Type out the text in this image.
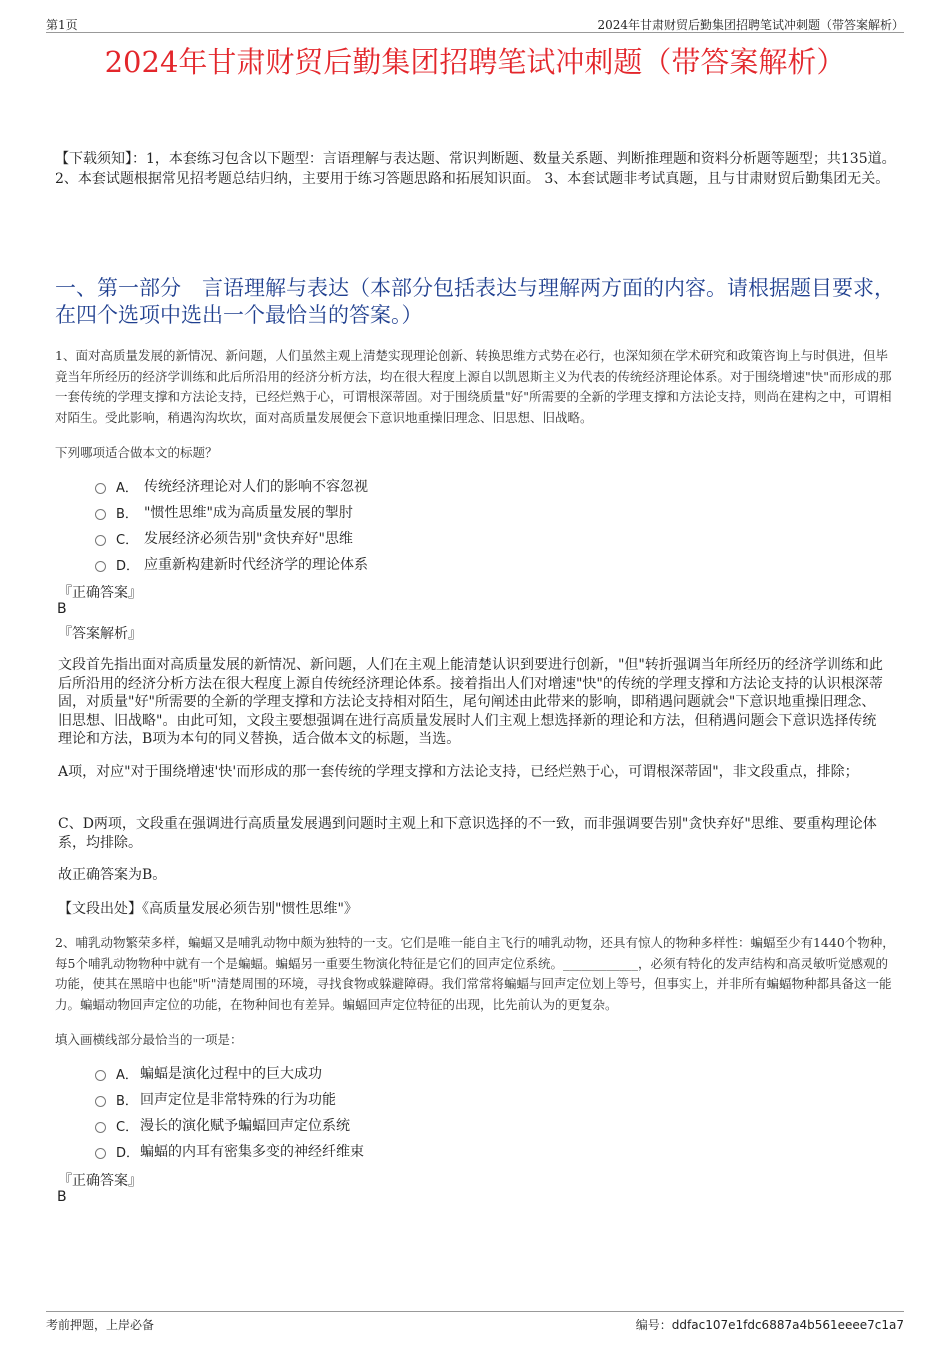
第1页	2024年甘肃财贸后勤集团招聘笔试冲刺题（带答案解析）
2024年甘肃财贸后勤集团招聘笔试冲刺题（带答案解析）
【下载须知】：1，本套练习包含以下题型：言语理解与表达题、常识判断题、数量关系题、判断推理题和资料分析题等题型；共135道。 2、本套试题根据常见招考题总结归纳，主要用于练习答题思路和拓展知识面。 3、本套试题非考试真题，且与甘肃财贸后勤集团无关。
一、第一部分　言语理解与表达（本部分包括表达与理解两方面的内容。请根据题目要求，在四个选项中选出一个最恰当的答案。）
1、面对高质量发展的新情况、新问题，人们虽然主观上清楚实现理论创新、转换思维方式势在必行，也深知须在学术研究和政策咨询上与时俱进，但毕竟当年所经历的经济学训练和此后所沿用的经济分析方法，均在很大程度上源自以凯恩斯主义为代表的传统经济理论体系。对于围绕增速"快"而形成的那一套传统的学理支撑和方法论支持，已经烂熟于心，可谓根深蒂固。对于围绕质量"好"所需要的全新的学理支撑和方法论支持，则尚在建构之中，可谓相对陌生。受此影响，稍遇沟沟坎坎，面对高质量发展便会下意识地重操旧理念、旧思想、旧战略。
下列哪项适合做本文的标题？
A． 传统经济理论对人们的影响不容忽视
B． "惯性思维"成为高质量发展的掣肘
C． 发展经济必须告别"贪快弃好"思维
D． 应重新构建新时代经济学的理论体系
『正确答案』
B
『答案解析』
文段首先指出面对高质量发展的新情况、新问题，人们在主观上能清楚认识到要进行创新，"但"转折强调当年所经历的经济学训练和此后所沿用的经济分析方法在很大程度上源自传统经济理论体系。接着指出人们对增速"快"的传统的学理支撑和方法论支持的认识根深蒂固，对质量"好"所需要的全新的学理支撑和方法论支持相对陌生，尾句阐述由此带来的影响，即稍遇问题就会"下意识地重操旧理念、旧思想、旧战略"。由此可知，文段主要想强调在进行高质量发展时人们主观上想选择新的理论和方法，但稍遇问题会下意识选择传统理论和方法，B项为本句的同义替换，适合做本文的标题，当选。
A项，对应"对于围绕增速'快'而形成的那一套传统的学理支撑和方法论支持，已经烂熟于心，可谓根深蒂固"，非文段重点，排除；
C、D两项，文段重在强调进行高质量发展遇到问题时主观上和下意识选择的不一致，而非强调要告别"贪快弃好"思维、要重构理论体系，均排除。
故正确答案为B。
【文段出处】《高质量发展必须告别"惯性思维"》
2、哺乳动物繁荣多样，蝙蝠又是哺乳动物中颇为独特的一支。它们是唯一能自主飞行的哺乳动物，还具有惊人的物种多样性：蝙蝠至少有1440个物种，每5个哺乳动物物种中就有一个是蝙蝠。蝙蝠另一重要生物演化特征是它们的回声定位系统。____________，必须有特化的发声结构和高灵敏听觉感观的功能，使其在黑暗中也能"听"清楚周围的环境，寻找食物或躲避障碍。我们常常将蝙蝠与回声定位划上等号，但事实上，并非所有蝙蝠物种都具备这一能力。蝙蝠动物回声定位的功能，在物种间也有差异。蝙蝠回声定位特征的出现，比先前认为的更复杂。
填入画横线部分最恰当的一项是：
A． 蝙蝠是演化过程中的巨大成功
B． 回声定位是非常特殊的行为功能
C． 漫长的演化赋予蝙蝠回声定位系统
D． 蝙蝠的内耳有密集多变的神经纤维束
『正确答案』
B
考前押题，上岸必备	编号：ddfac107e1fdc6887a4b561eeee7c1a7
